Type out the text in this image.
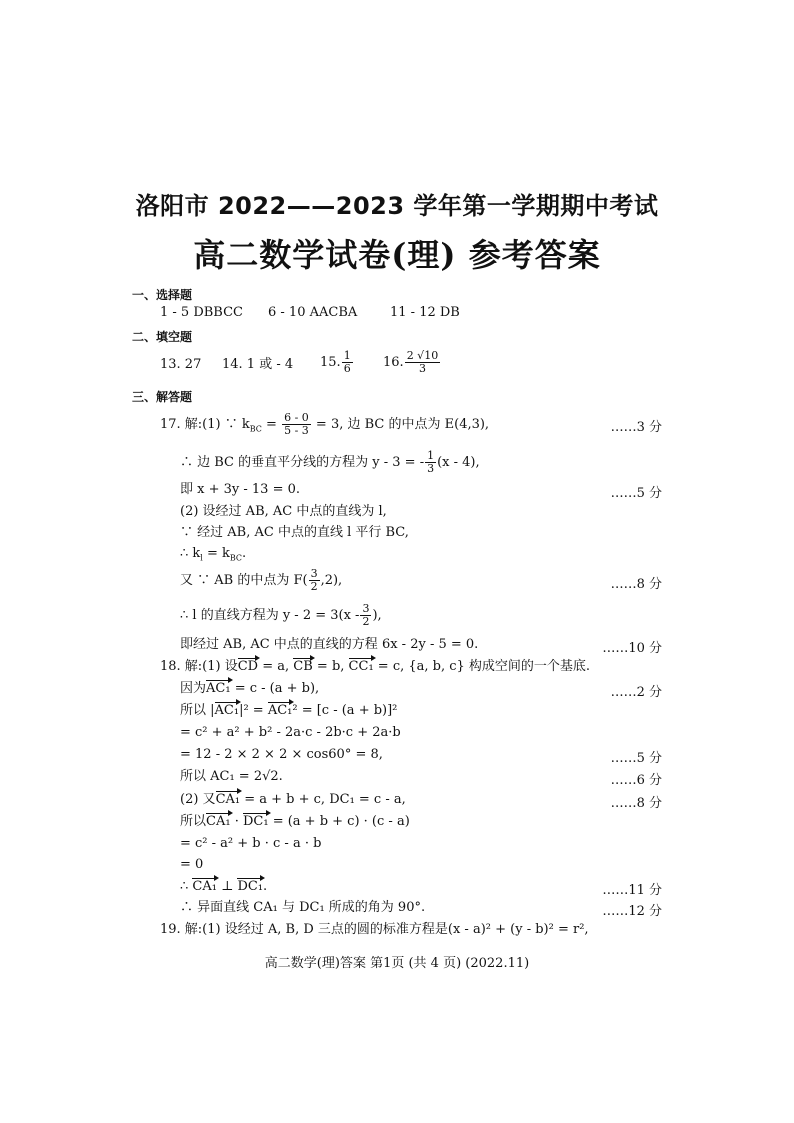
洛阳市 2022——2023 学年第一学期期中考试
高二数学试卷(理) 参考答案
一、选择题
1 - 5 DBBCC 6 - 10 AACBA	11 - 12 DB
二、填空题
13. 27 14. 1 或 - 4 15. $\frac{1}{6} 16$. $\frac{2 √10}{3}$
三、解答题
17. 解:(1) ∵ $k_{BC} = \frac{6 - 0}{5 - 3} = 3$, 边 BC 的中点为 E(4,3),	……3 分
∴ 边 BC 的垂直平分线的方程为 y - 3 = - $\frac{1}{3} (x - 4)$,
即 x + 3y - 13 = 0.	……5 分
(2) 设经过 AB, AC 中点的直线为 l,
∵ 经过 AB, AC 中点的直线 l 平行 BC,
∴ $k_l = k_{BC}$.
又 ∵ AB 的中点为 $F( \frac{3}{2} ,2)$,	……8 分
∴ l 的直线方程为 $y - 2 = 3(x - \frac{3}{2}$ ),
即经过 AB, AC 中点的直线的方程 6x - 2y - 5 = 0.	……10 分
18. 解:(1) 设CD = a, CB = b, CC₁ = c, {a, b, c} 构成空间的一个基底.
因为AC₁ = c - (a + b),	……2 分
所以 |AC₁|² = AC₁² = [c - (a + b)]²
= c² + a² + b² - 2a·c - 2b·c + 2a·b
= 12 - 2 × 2 × 2 × cos60° = 8,	……5 分
所以 AC₁ = 2√2.	……6 分
(2) 又CA₁ = a + b + c, DC₁ = c - a,	……8 分
所以CA₁ · DC₁ = (a + b + c) · (c - a)
= c² - a² + b · c - a · b
= 0
∴ CA₁ ⊥ DC₁.	……11 分
∴ 异面直线 CA₁ 与 DC₁ 所成的角为 90°.	……12 分
19. 解:(1) 设经过 A, B, D 三点的圆的标准方程是(x - a)² + (y - b)² = r²,
高二数学(理)答案 第1页 (共 4 页) (2022.11)
